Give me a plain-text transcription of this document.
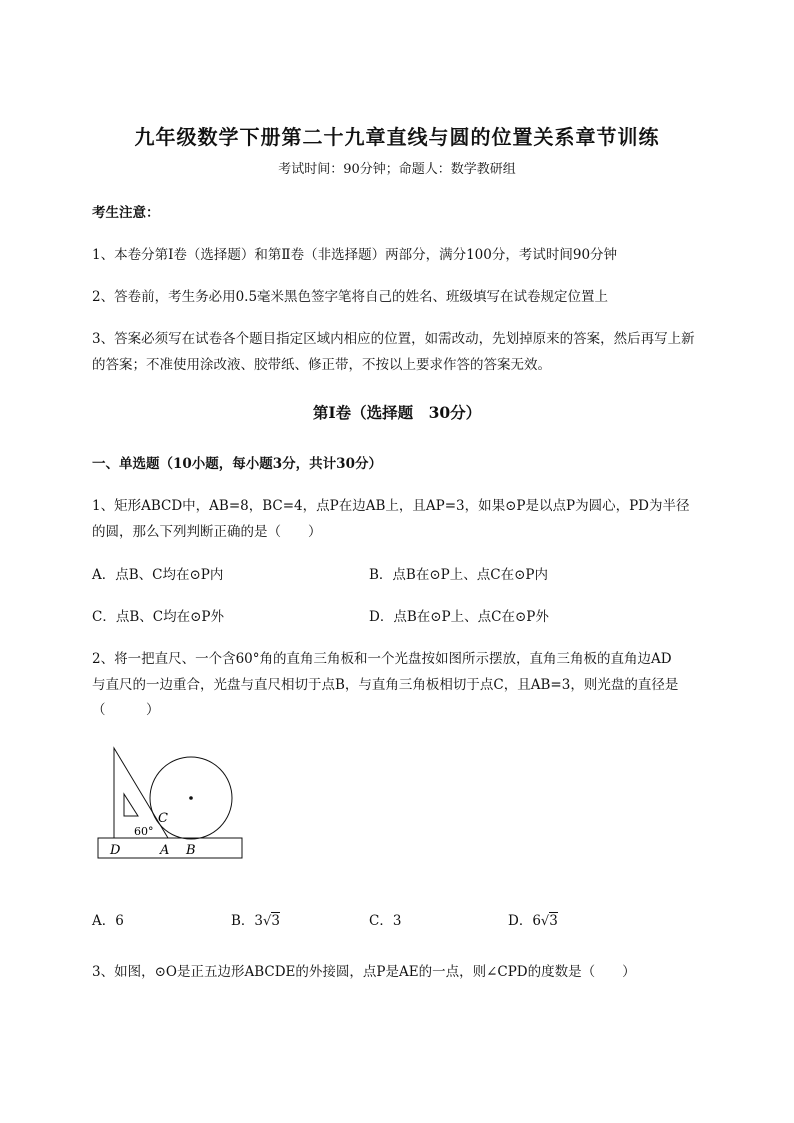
九年级数学下册第二十九章直线与圆的位置关系章节训练
考试时间：90分钟；命题人：数学教研组
考生注意：
1、本卷分第I卷（选择题）和第Ⅱ卷（非选择题）两部分，满分100分，考试时间90分钟
2、答卷前，考生务必用0.5毫米黑色签字笔将自己的姓名、班级填写在试卷规定位置上
3、答案必须写在试卷各个题目指定区域内相应的位置，如需改动，先划掉原来的答案，然后再写上新
的答案；不准使用涂改液、胶带纸、修正带，不按以上要求作答的答案无效。
第I卷（选择题　30分）
一、单选题（10小题，每小题3分，共计30分）
1、矩形ABCD中，AB=8，BC=4，点P在边AB上，且AP=3，如果⊙P是以点P为圆心，PD为半径
的圆，那么下列判断正确的是（　　）
A．点B、C均在⊙P内	B．点B在⊙P上、点C在⊙P内
C．点B、C均在⊙P外	D．点B在⊙P上、点C在⊙P外
2、将一把直尺、一个含60°角的直角三角板和一个光盘按如图所示摆放，直角三角板的直角边AD
与直尺的一边重合，光盘与直尺相切于点B，与直角三角板相切于点C，且AB=3，则光盘的直径是
（　　　）
C
60°
D	A B
A．6	B．3√3	C．3	D．6√3
3、如图，⊙O是正五边形ABCDE的外接圆，点P是AE的一点，则∠CPD的度数是（　　）
